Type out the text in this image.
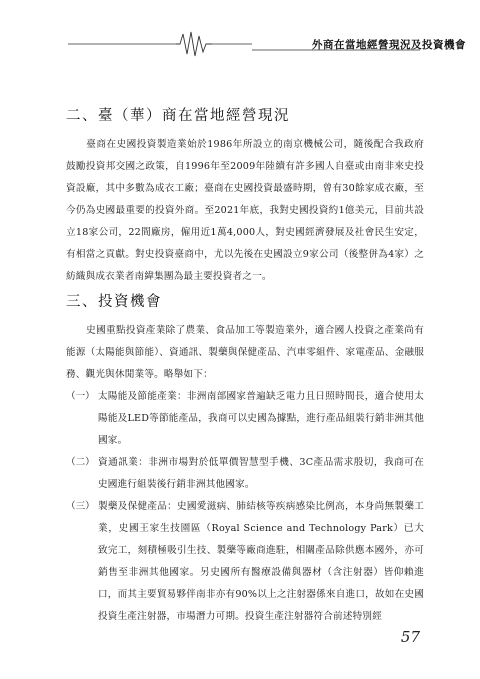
外商在當地經營現況及投資機會
二、臺（華）商在當地經營現況
臺商在史國投資製造業始於1986年所設立的南京機械公司，隨後配合我政府鼓勵投資邦交國之政策，自1996年至2009年陸續有許多國人自臺或由南非來史投資設廠，其中多數為成衣工廠；臺商在史國投資最盛時期，曾有30餘家成衣廠，至今仍為史國最重要的投資外商。至2021年底，我對史國投資約1億美元，目前共設立18家公司，22間廠房，僱用近1萬4,000人，對史國經濟發展及社會民生安定，有相當之貢獻。對史投資臺商中，尤以先後在史國設立9家公司（後整併為4家）之紡織與成衣業者南緯集團為最主要投資者之一。
三、投資機會
史國重點投資產業除了農業、食品加工等製造業外，適合國人投資之產業尚有能源（太陽能與節能）、資通訊、製藥與保健產品、汽車零組件、家電產品、金融服務、觀光與休閒業等。略舉如下：
（一） 太陽能及節能產業：非洲南部國家普遍缺乏電力且日照時間長，適合使用太陽能及LED等節能產品，我商可以史國為據點，進行產品組裝行銷非洲其他國家。
（二） 資通訊業：非洲市場對於低單價智慧型手機、3C產品需求殷切，我商可在史國進行組裝後行銷非洲其他國家。
（三） 製藥及保健產品：史國愛滋病、肺結核等疾病感染比例高，本身尚無製藥工業，史國王家生技園區（Royal Science and Technology Park）已大致完工，刻積極吸引生技、製藥等廠商進駐，相關產品除供應本國外，亦可銷售至非洲其他國家。另史國所有醫療設備與器材（含注射器）皆仰賴進口，而其主要貿易夥伴南非亦有90%以上之注射器係來自進口，故如在史國投資生產注射器，市場潛力可期。投資生產注射器符合前述特別經
57
